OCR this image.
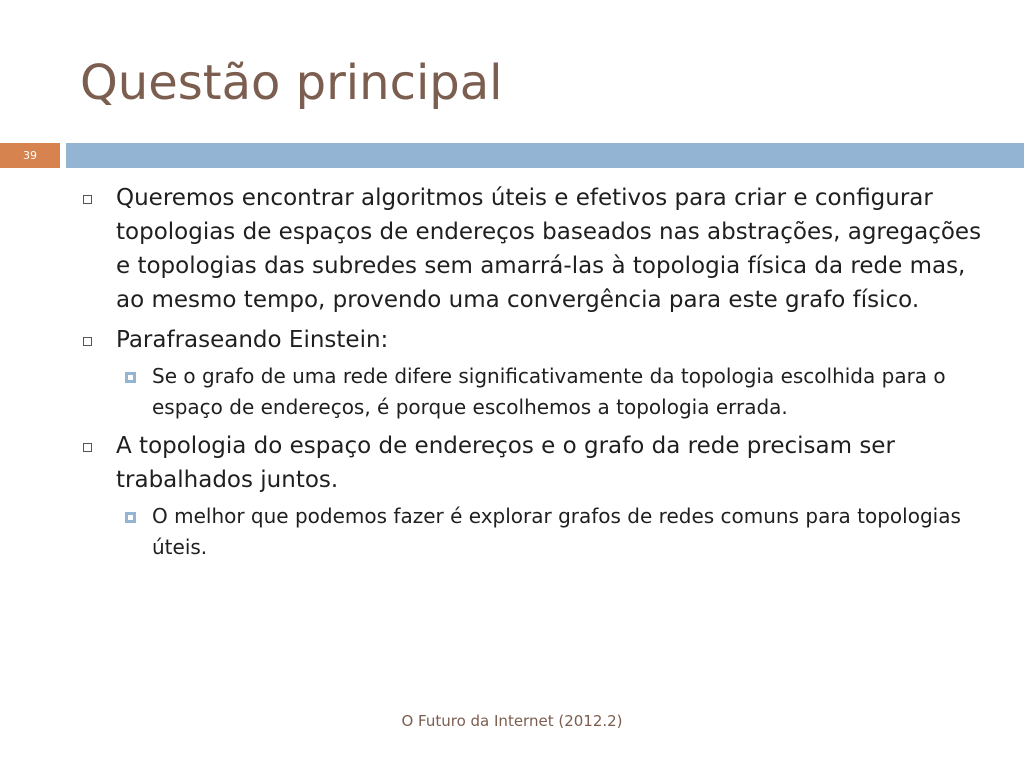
Questão principal
39
Queremos encontrar algoritmos úteis e efetivos para criar e configurar topologias de espaços de endereços baseados nas abstrações, agregações e topologias das subredes sem amarrá-las à topologia física da rede mas, ao mesmo tempo, provendo uma convergência para este grafo físico.
Parafraseando Einstein:
Se o grafo de uma rede difere significativamente da topologia escolhida para o espaço de endereços, é porque escolhemos a topologia errada.
A topologia do espaço de endereços e o grafo da rede precisam ser trabalhados juntos.
O melhor que podemos fazer é explorar grafos de redes comuns para topologias úteis.
O Futuro da Internet (2012.2)
